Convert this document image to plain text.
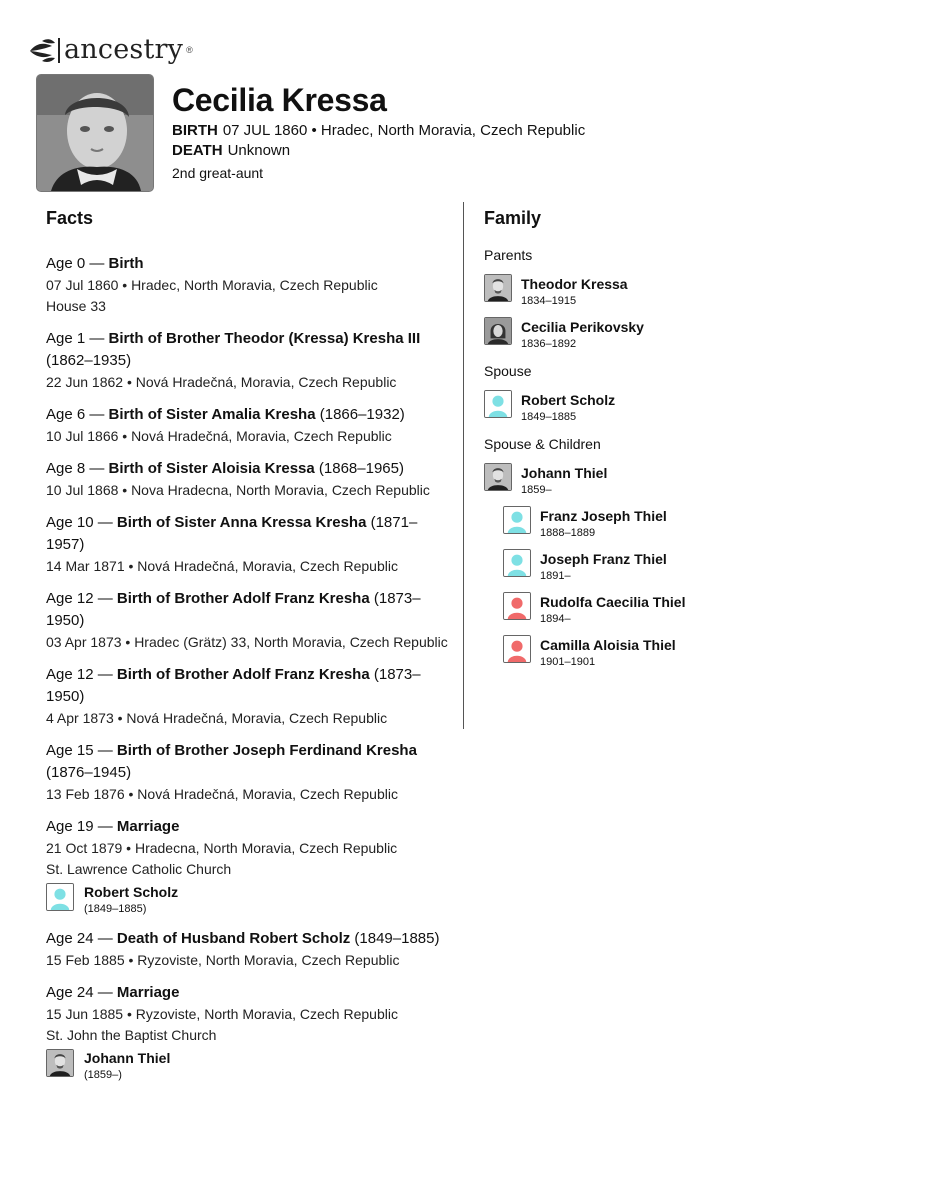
ancestry ®
Cecilia Kressa
BIRTH 07 JUL 1860 • Hradec, North Moravia, Czech Republic
DEATH Unknown
2nd great-aunt
Facts
Age 0 — Birth
07 Jul 1860 • Hradec, North Moravia, Czech Republic
House 33
Age 1 — Birth of Brother Theodor (Kressa) Kresha III (1862–1935)
22 Jun 1862 • Nová Hradečná, Moravia, Czech Republic
Age 6 — Birth of Sister Amalia Kresha (1866–1932)
10 Jul 1866 • Nová Hradečná, Moravia, Czech Republic
Age 8 — Birth of Sister Aloisia Kressa (1868–1965)
10 Jul 1868 • Nova Hradecna, North Moravia, Czech Republic
Age 10 — Birth of Sister Anna Kressa Kresha (1871–1957)
14 Mar 1871 • Nová Hradečná, Moravia, Czech Republic
Age 12 — Birth of Brother Adolf Franz Kresha (1873–1950)
03 Apr 1873 • Hradec (Grätz) 33, North Moravia, Czech Republic
Age 12 — Birth of Brother Adolf Franz Kresha (1873–1950)
4 Apr 1873 • Nová Hradečná, Moravia, Czech Republic
Age 15 — Birth of Brother Joseph Ferdinand Kresha (1876–1945)
13 Feb 1876 • Nová Hradečná, Moravia, Czech Republic
Age 19 — Marriage
21 Oct 1879 • Hradecna, North Moravia, Czech Republic
St. Lawrence Catholic Church
Robert Scholz
(1849–1885)
Age 24 — Death of Husband Robert Scholz (1849–1885)
15 Feb 1885 • Ryzoviste, North Moravia, Czech Republic
Age 24 — Marriage
15 Jun 1885 • Ryzoviste, North Moravia, Czech Republic
St. John the Baptist Church
Johann Thiel
(1859–)
Family
Parents
Theodor Kressa
1834–1915
Cecilia Perikovsky
1836–1892
Spouse
Robert Scholz
1849–1885
Spouse & Children
Johann Thiel
1859–
Franz Joseph Thiel
1888–1889
Joseph Franz Thiel
1891–
Rudolfa Caecilia Thiel
1894–
Camilla Aloisia Thiel
1901–1901
